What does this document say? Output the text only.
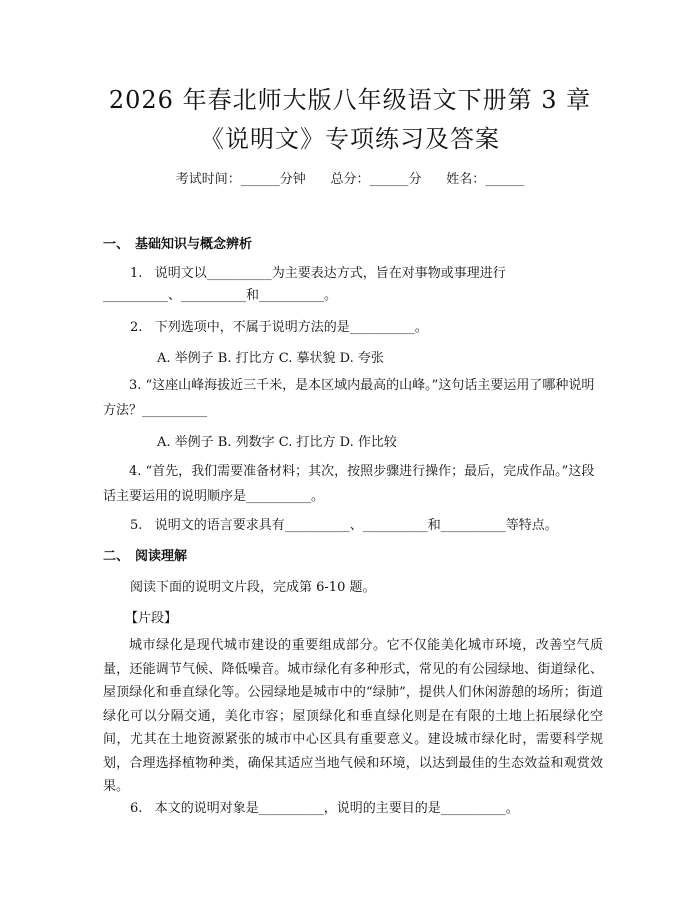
2026 年春北师大版八年级语文下册第 3 章
《说明文》专项练习及答案
考试时间：______分钟      总分：______分      姓名：______
一、 基础知识与概念辨析
1.   说明文以__________为主要表达方式，旨在对事物或事理进行
__________、__________和__________。
2.   下列选项中，不属于说明方法的是__________。
A. 举例子 B. 打比方 C. 摹状貌 D. 夸张
3. “这座山峰海拔近三千米，是本区域内最高的山峰。”这句话主要运用了哪种说明方法？__________
A. 举例子 B. 列数字 C. 打比方 D. 作比较
4. “首先，我们需要准备材料；其次，按照步骤进行操作；最后，完成作品。”这段话主要运用的说明顺序是__________。
5.   说明文的语言要求具有__________、__________和__________等特点。
二、 阅读理解
阅读下面的说明文片段，完成第 6-10 题。
【片段】
城市绿化是现代城市建设的重要组成部分。它不仅能美化城市环境，改善空气质量，还能调节气候、降低噪音。城市绿化有多种形式，常见的有公园绿地、街道绿化、屋顶绿化和垂直绿化等。公园绿地是城市中的“绿肺”，提供人们休闲游憩的场所；街道绿化可以分隔交通，美化市容；屋顶绿化和垂直绿化则是在有限的土地上拓展绿化空间，尤其在土地资源紧张的城市中心区具有重要意义。建设城市绿化时，需要科学规划，合理选择植物种类，确保其适应当地气候和环境，以达到最佳的生态效益和观赏效果。
6.   本文的说明对象是__________，说明的主要目的是__________。
